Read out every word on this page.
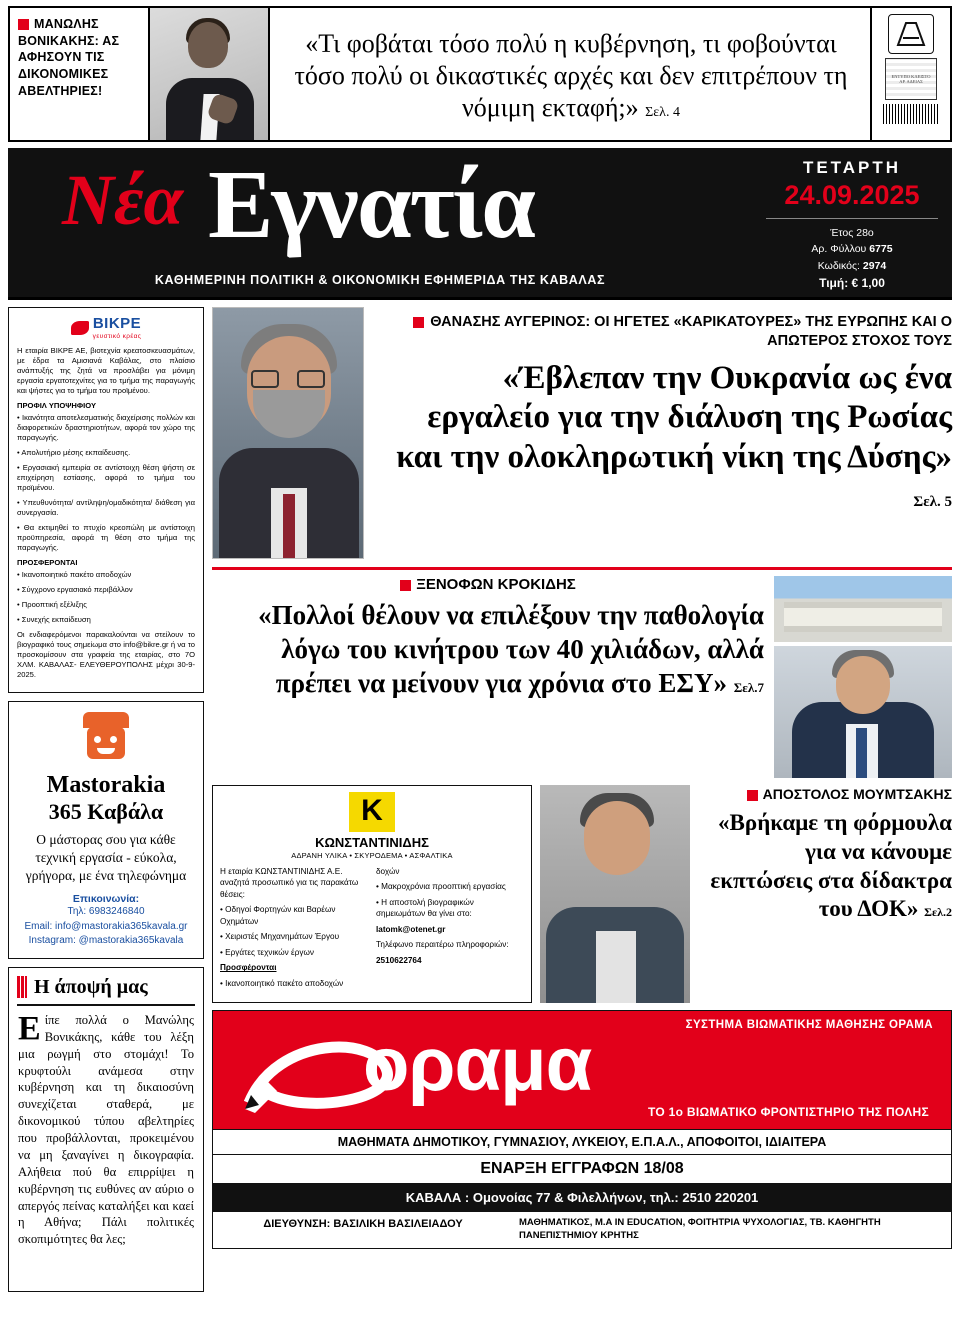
ΜΑΝΩΛΗΣ ΒΟΝΙΚΑΚΗΣ: ΑΣ ΑΦΗΣΟΥΝ ΤΙΣ ΔΙΚΟΝΟΜΙΚΕΣ ΑΒΕΛΤΗΡΙΕΣ!

«Τι φοβάται τόσο πολύ η κυβέρνηση, τι φοβούνται τόσο πολύ οι δικαστικές αρχές και δεν επιτρέπουν τη νόμιμη εκταφή;» Σελ. 4

ΕΝΤΥΠΟ ΚΛΕΙΣΤΟ ΑΡ. ΑΔΕΙΑΣ
Νέα Εγνατία
ΚΑΘΗΜΕΡΙΝΗ ΠΟΛΙΤΙΚΗ & ΟΙΚΟΝΟΜΙΚΗ ΕΦΗΜΕΡΙΔΑ ΤΗΣ ΚΑΒΑΛΑΣ
ΤΕΤΑΡΤΗ
24.09.2025
Έτος 28ο
Αρ. Φύλλου 6775
Κωδικός: 2974
Τιμή: € 1,00
ΒΙΚΡΕ
γευστικό κρέας

Η εταιρία ΒΙΚΡΕ ΑΕ, βιοτεχνία κρεατοσκευασμάτων, με έδρα τα Αμισιανά Καβάλας, στο πλαίσιο ανάπτυξής της ζητά να προσλάβει για μόνιμη εργασία εργατοτεχνίτες για το τμήμα της παραγωγής και ψήστες για το τμήμα του προϊμένου.

ΠΡΟΦΙΛ ΥΠΟΨΗΦΙΟΥ

• Ικανότητα αποτελεσματικής διαχείρισης πολλών και διαφορετικών δραστηριοτήτων, αφορά τον χώρο της παραγωγής.

• Απολυτήριο μέσης εκπαίδευσης.

• Εργασιακή εμπειρία σε αντίστοιχη θέση ψήστη σε επιχείρηση εστίασης, αφορά το τμήμα του προϊμένου.

• Υπευθυνότητα/ αντίληψη/ομαδικότητα/ διάθεση για συνεργασία.

• Θα εκτιμηθεί το πτυχίο κρεοπώλη με αντίστοιχη προϋπηρεσία, αφορά τη θέση στο τμήμα της παραγωγής.

ΠΡΟΣΦΕΡΟΝΤΑΙ

• Ικανοποιητικό πακέτο αποδοχών

• Σύγχρονο εργασιακό περιβάλλον

• Προοπτική εξέλιξης

• Συνεχής εκπαίδευση

Οι ενδιαφερόμενοι παρακαλούνται να στείλουν το βιογραφικό τους σημείωμα στο info@bikre.gr ή να το προσκομίσουν στα γραφεία της εταιρίας, στο 7Ο ΧΛΜ. ΚΑΒΑΛΑΣ- ΕΛΕΥΘΕΡΟΥΠΟΛΗΣ μέχρι 30-9-2025.

Mastorakia
365 Καβάλα
Ο μάστορας σου για κάθε τεχνική εργασία - εύκολα, γρήγορα, με ένα τηλεφώνημα
Επικοινωνία:
Τηλ: 6983246840
Email: info@mastorakia365kavala.gr
Instagram: @mastorakia365kavala
Η άποψή μας
Είπε πολλά ο Μανώλης Βονικάκης, κάθε του λέξη μια ρωγμή στο στομάχι! Το κρυφτούλι ανάμεσα στην κυβέρνηση και τη δικαιοσύνη συνεχίζεται σταθερά, με δικονομικού τύπου αβελτηρίες που προβάλλονται, προκειμένου να μη ξαναγίνει η δικογραφία. Αλήθεια πού θα επιρρίψει η κυβέρνηση τις ευθύνες αν αύριο ο απεργός πείνας καταλήξει και καεί η Αθήνα; Πάλι πολιτικές σκοπιμότητες θα λες;
ΘΑΝΑΣΗΣ ΑΥΓΕΡΙΝΟΣ: ΟΙ ΗΓΕΤΕΣ «ΚΑΡΙΚΑΤΟΥΡΕΣ» ΤΗΣ ΕΥΡΩΠΗΣ ΚΑΙ Ο ΑΠΩΤΕΡΟΣ ΣΤΟΧΟΣ ΤΟΥΣ
«Έβλεπαν την Ουκρανία ως ένα εργαλείο για την διάλυση της Ρωσίας και την ολοκληρωτική νίκη της Δύσης» Σελ. 5
ΞΕΝΟΦΩΝ ΚΡΟΚΙΔΗΣ
«Πολλοί θέλουν να επιλέξουν την παθολογία λόγω του κινήτρου των 40 χιλιάδων, αλλά πρέπει να μείνουν για χρόνια στο ΕΣΥ» Σελ.7
Κ
ΚΩΝΣΤΑΝΤΙΝΙΔΗΣ
ΑΔΡΑΝΗ ΥΛΙΚΑ • ΣΚΥΡΟΔΕΜΑ • ΑΣΦΑΛΤΙΚΑ

Η εταιρία ΚΩΝΣΤΑΝΤΙΝΙΔΗΣ Α.Ε. αναζητά προσωπικό για τις παρακάτω θέσεις:

• Οδηγοί Φορτηγών και Βαρέων Οχημάτων

• Χειριστές Μηχανημάτων Έργου

• Εργάτες τεχνικών έργων

Προσφέρονται

• Ικανοποιητικό πακέτο αποδοχών

δοχών

• Μακροχρόνια προοπτική εργασίας

• Η αποστολή βιογραφικών σημειωμάτων θα γίνει στο:

latomk@otenet.gr

Τηλέφωνο περαιτέρω πληροφοριών:

2510622764

ΑΠΟΣΤΟΛΟΣ ΜΟΥΜΤΣΑΚΗΣ
«Βρήκαμε τη φόρμουλα για να κάνουμε εκπτώσεις στα δίδακτρα του ΔΟΚ» Σελ.2
ΣΥΣΤΗΜΑ ΒΙΩΜΑΤΙΚΗΣ ΜΑΘΗΣΗΣ ΟΡΑΜΑ
οραμα
ΤΟ 1ο ΒΙΩΜΑΤΙΚΟ ΦΡΟΝΤΙΣΤΗΡΙΟ ΤΗΣ ΠΟΛΗΣ
ΜΑΘΗΜΑΤΑ ΔΗΜΟΤΙΚΟΥ, ΓΥΜΝΑΣΙΟΥ, ΛΥΚΕΙΟΥ, Ε.Π.Α.Λ., ΑΠΟΦΟΙΤΟΙ, ΙΔΙΑΙΤΕΡΑ
ΕΝΑΡΞΗ ΕΓΓΡΑΦΩΝ 18/08
ΚΑΒΑΛΑ : Ομονοίας 77 & Φιλελλήνων, τηλ.: 2510 220201
ΔΙΕΥΘΥΝΣΗ: ΒΑΣΙΛΙΚΗ ΒΑΣΙΛΕΙΑΔΟΥ	ΜΑΘΗΜΑΤΙΚΟΣ, M.A IN EDUCATION, ΦΟΙΤΗΤΡΙΑ ΨΥΧΟΛΟΓΙΑΣ, ΤΒ. ΚΑΘΗΓΗΤΗ ΠΑΝΕΠΙΣΤΗΜΙΟΥ ΚΡΗΤΗΣ
